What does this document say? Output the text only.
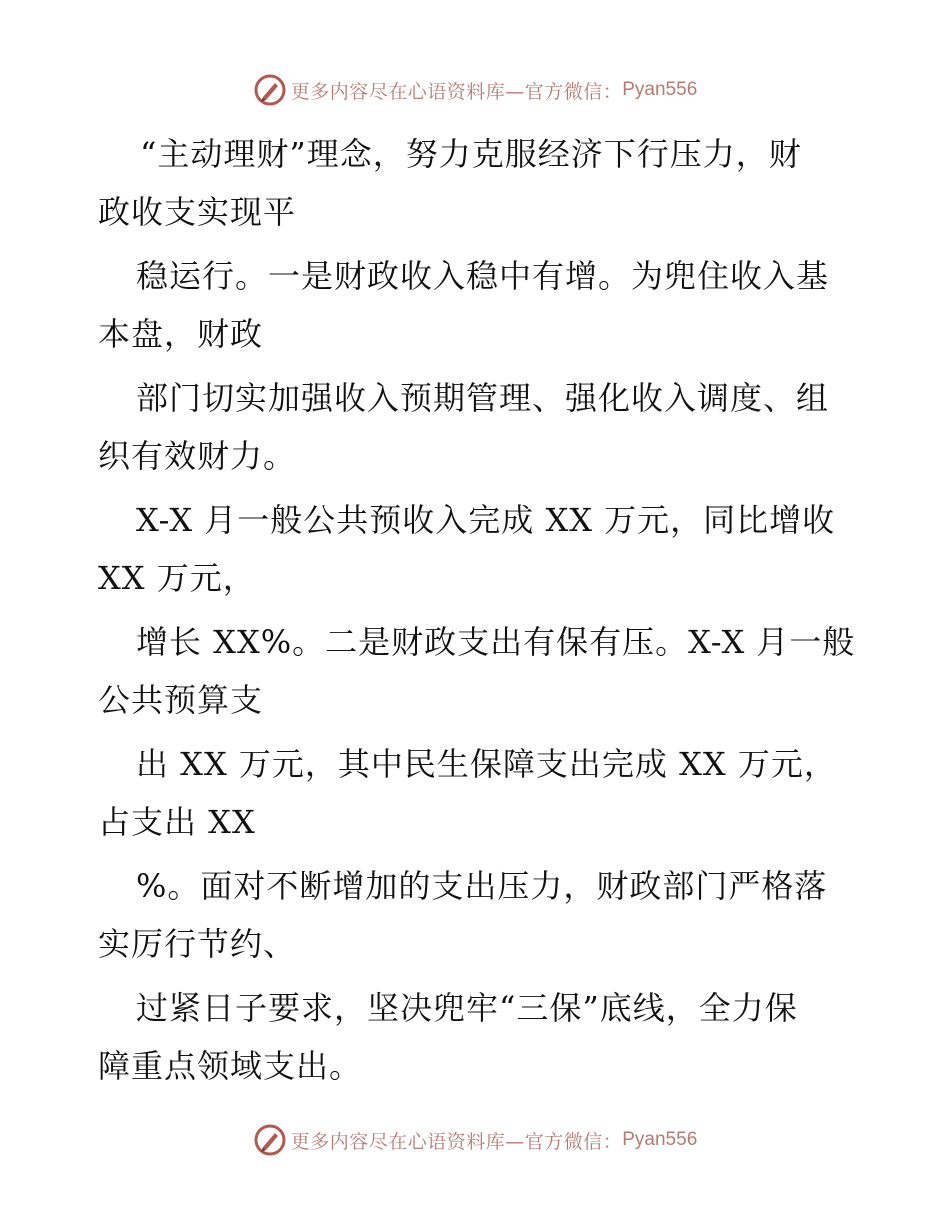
更多内容尽在心语资料库—官方微信： Pyan556
“主动理财”理念，努力克服经济下行压力，财
政收支实现平
稳运行。一是财政收入稳中有增。为兜住收入基
本盘，财政
部门切实加强收入预期管理、强化收入调度、组
织有效财力。
X-X 月一般公共预收入完成 XX 万元，同比增收
XX 万元，
增长 XX%。二是财政支出有保有压。X-X 月一般
公共预算支
出 XX 万元，其中民生保障支出完成 XX 万元，
占支出 XX
%。面对不断增加的支出压力，财政部门严格落
实厉行节约、
过紧日子要求，坚决兜牢“三保”底线，全力保
障重点领域支出。
更多内容尽在心语资料库—官方微信： Pyan556
